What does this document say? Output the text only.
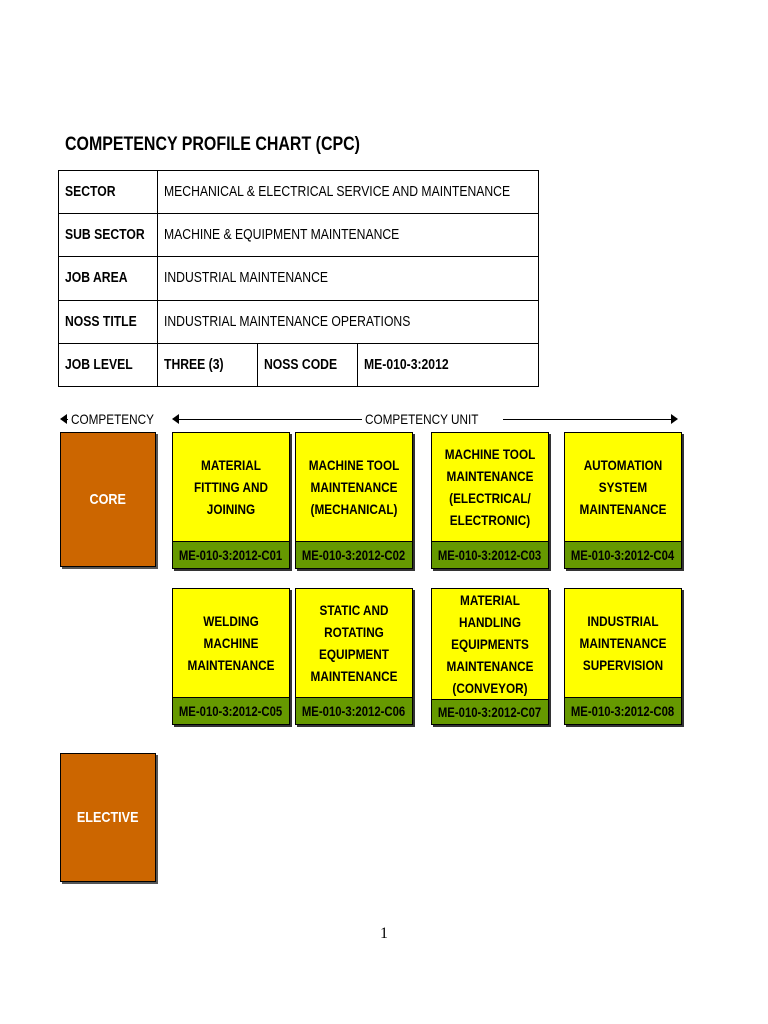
COMPETENCY PROFILE CHART (CPC)
SECTOR	MECHANICAL & ELECTRICAL SERVICE AND MAINTENANCE		
SUB SECTOR	MACHINE & EQUIPMENT MAINTENANCE		
JOB AREA	INDUSTRIAL MAINTENANCE		
NOSS TITLE	INDUSTRIAL MAINTENANCE OPERATIONS		
JOB LEVEL	THREE (3)	NOSS CODE	ME-010-3:2012
COMPETENCY	COMPETENCY UNIT
CORE
ELECTIVE
MATERIAL FITTING AND JOINING
ME-010-3:2012-C01
MACHINE TOOL MAINTENANCE (MECHANICAL)
ME-010-3:2012-C02
MACHINE TOOL MAINTENANCE (ELECTRICAL/ ELECTRONIC)
ME-010-3:2012-C03
AUTOMATION SYSTEM MAINTENANCE
ME-010-3:2012-C04
WELDING MACHINE MAINTENANCE
ME-010-3:2012-C05
STATIC AND ROTATING EQUIPMENT MAINTENANCE
ME-010-3:2012-C06
MATERIAL HANDLING EQUIPMENTS MAINTENANCE (CONVEYOR)
ME-010-3:2012-C07
INDUSTRIAL MAINTENANCE SUPERVISION
ME-010-3:2012-C08
1
